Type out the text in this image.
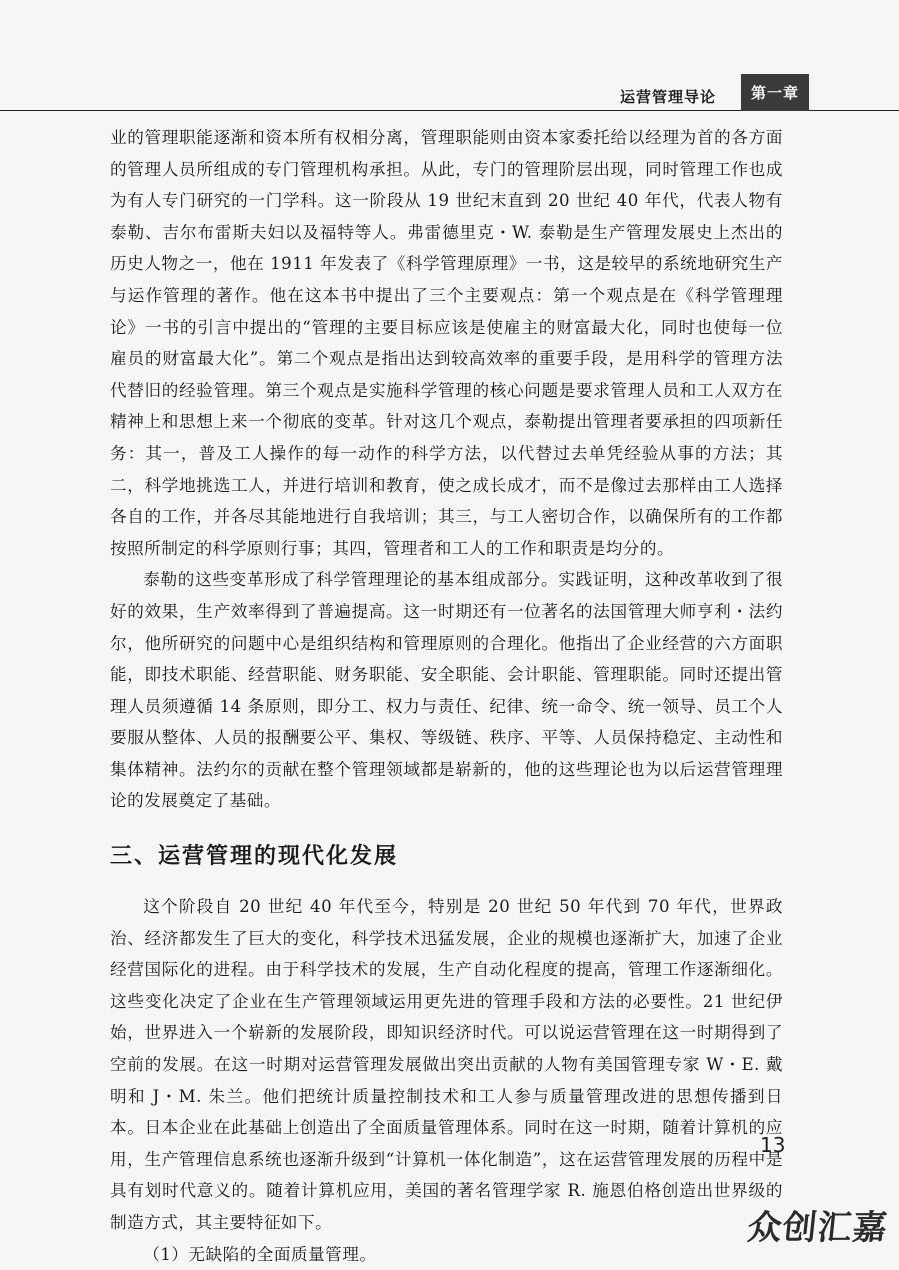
运营管理导论	第一章

业的管理职能逐渐和资本所有权相分离，管理职能则由资本家委托给以经理为首的各方面的管理人员所组成的专门管理机构承担。从此，专门的管理阶层出现，同时管理工作也成为有人专门研究的一门学科。这一阶段从 19 世纪末直到 20 世纪 40 年代，代表人物有泰勒、吉尔布雷斯夫妇以及福特等人。弗雷德里克・W. 泰勒是生产管理发展史上杰出的历史人物之一，他在 1911 年发表了《科学管理原理》一书，这是较早的系统地研究生产与运作管理的著作。他在这本书中提出了三个主要观点：第一个观点是在《科学管理理论》一书的引言中提出的“管理的主要目标应该是使雇主的财富最大化，同时也使每一位雇员的财富最大化”。第二个观点是指出达到较高效率的重要手段，是用科学的管理方法代替旧的经验管理。第三个观点是实施科学管理的核心问题是要求管理人员和工人双方在精神上和思想上来一个彻底的变革。针对这几个观点，泰勒提出管理者要承担的四项新任务：其一，普及工人操作的每一动作的科学方法，以代替过去单凭经验从事的方法；其二，科学地挑选工人，并进行培训和教育，使之成长成才，而不是像过去那样由工人选择各自的工作，并各尽其能地进行自我培训；其三，与工人密切合作，以确保所有的工作都按照所制定的科学原则行事；其四，管理者和工人的工作和职责是均分的。

泰勒的这些变革形成了科学管理理论的基本组成部分。实践证明，这种改革收到了很好的效果，生产效率得到了普遍提高。这一时期还有一位著名的法国管理大师亨利・法约尔，他所研究的问题中心是组织结构和管理原则的合理化。他指出了企业经营的六方面职能，即技术职能、经营职能、财务职能、安全职能、会计职能、管理职能。同时还提出管理人员须遵循 14 条原则，即分工、权力与责任、纪律、统一命令、统一领导、员工个人要服从整体、人员的报酬要公平、集权、等级链、秩序、平等、人员保持稳定、主动性和集体精神。法约尔的贡献在整个管理领域都是崭新的，他的这些理论也为以后运营管理理论的发展奠定了基础。

三、运营管理的现代化发展

这个阶段自 20 世纪 40 年代至今，特别是 20 世纪 50 年代到 70 年代，世界政治、经济都发生了巨大的变化，科学技术迅猛发展，企业的规模也逐渐扩大，加速了企业经营国际化的进程。由于科学技术的发展，生产自动化程度的提高，管理工作逐渐细化。这些变化决定了企业在生产管理领域运用更先进的管理手段和方法的必要性。21 世纪伊始，世界进入一个崭新的发展阶段，即知识经济时代。可以说运营管理在这一时期得到了空前的发展。在这一时期对运营管理发展做出突出贡献的人物有美国管理专家 W・E. 戴明和 J・M. 朱兰。他们把统计质量控制技术和工人参与质量管理改进的思想传播到日本。日本企业在此基础上创造出了全面质量管理体系。同时在这一时期，随着计算机的应用，生产管理信息系统也逐渐升级到“计算机一体化制造”，这在运营管理发展的历程中是具有划时代意义的。随着计算机应用，美国的著名管理学家 R. 施恩伯格创造出世界级的制造方式，其主要特征如下。

（1）无缺陷的全面质量管理。

13
众创汇嘉
